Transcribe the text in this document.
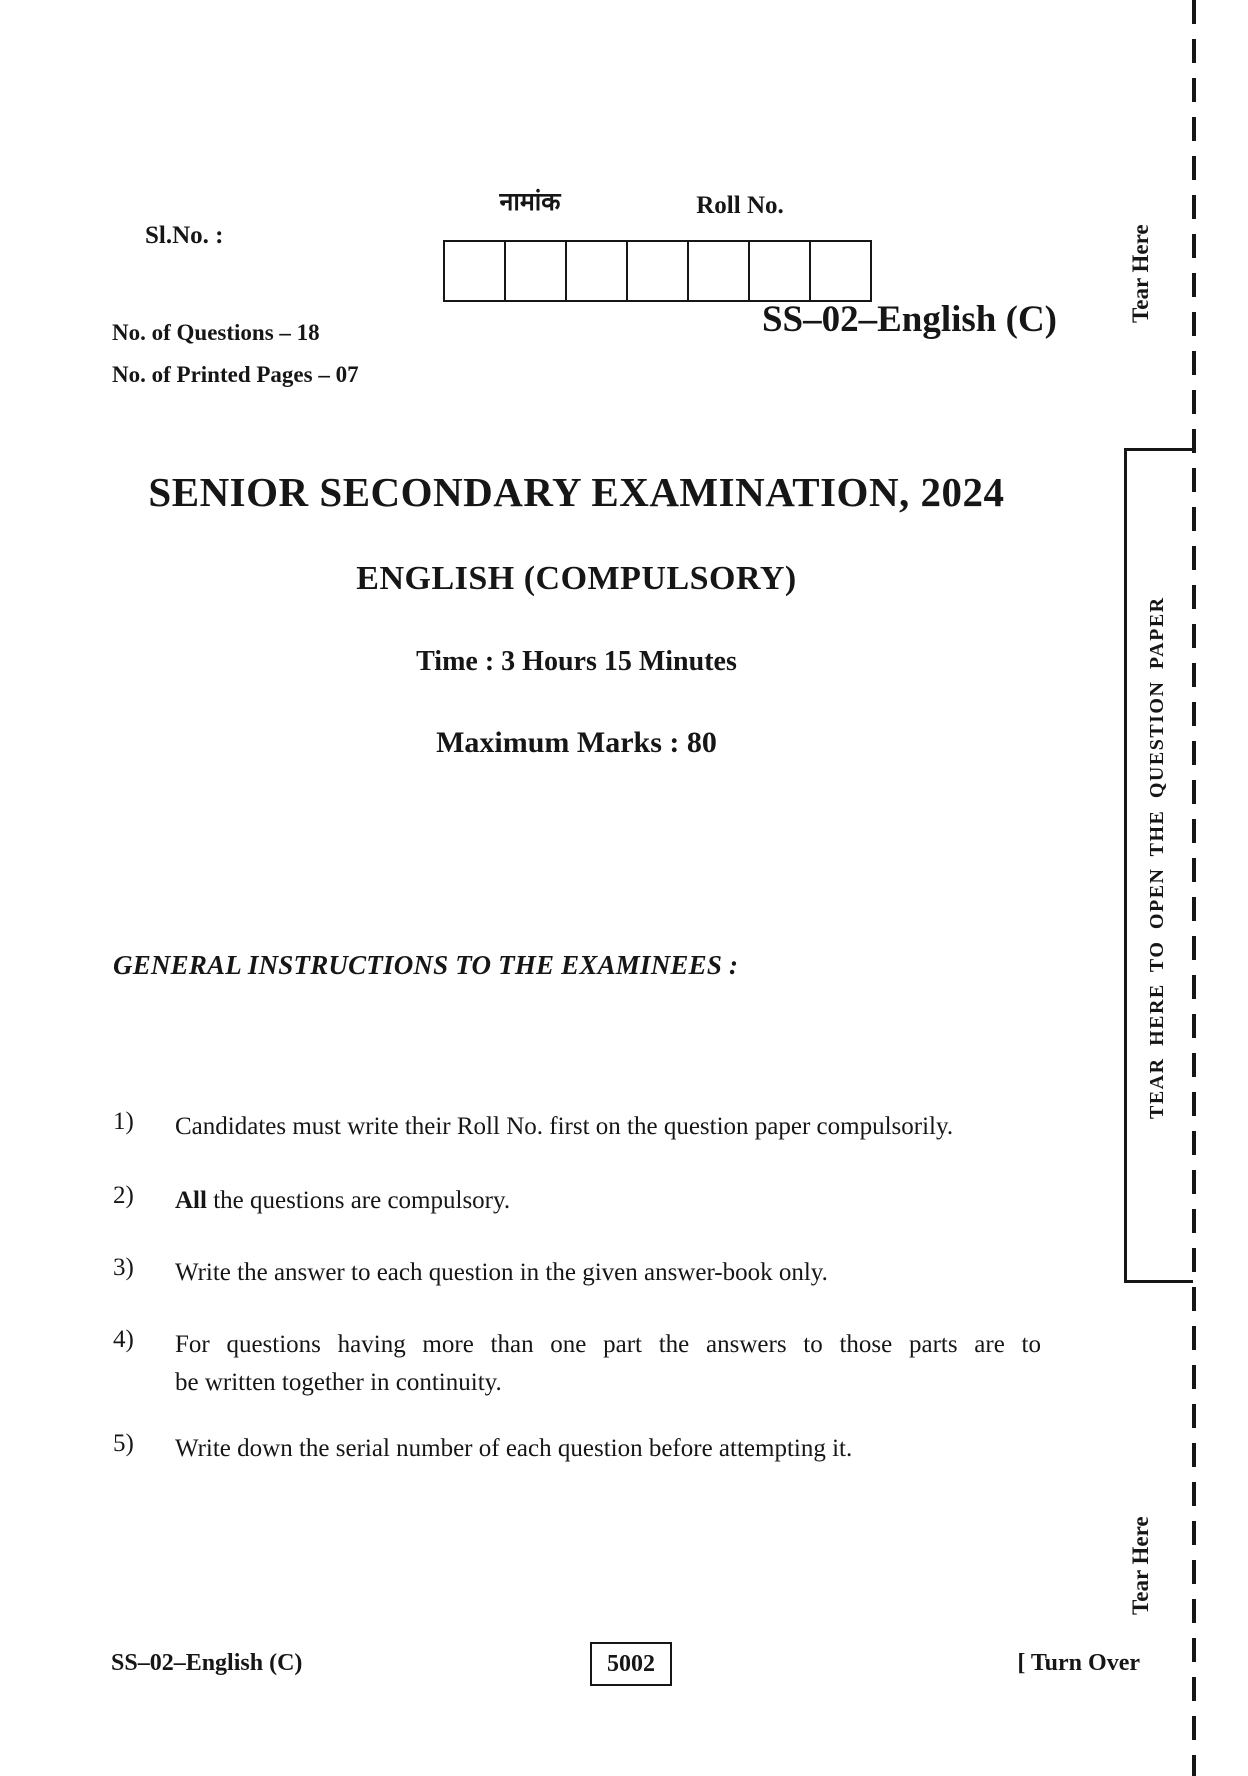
Sl.No. :
नामांक	Roll No.
No. of Questions – 18
No. of Printed Pages – 07
SS–02–English (C)
SENIOR SECONDARY EXAMINATION, 2024
ENGLISH (COMPULSORY)
Time : 3 Hours 15 Minutes
Maximum Marks : 80
GENERAL INSTRUCTIONS TO THE EXAMINEES :
1)	Candidates must write their Roll No. first on the question paper compulsorily.
2)	All the questions are compulsory.
3)	Write the answer to each question in the given answer-book only.
4)	For questions having more than one part the answers to those parts are to
be written together in continuity.
5)	Write down the serial number of each question before attempting it.
SS–02–English (C)	5002	[ Turn Over
Tear Here
TEAR HERE TO OPEN THE QUESTION PAPER
Tear Here
